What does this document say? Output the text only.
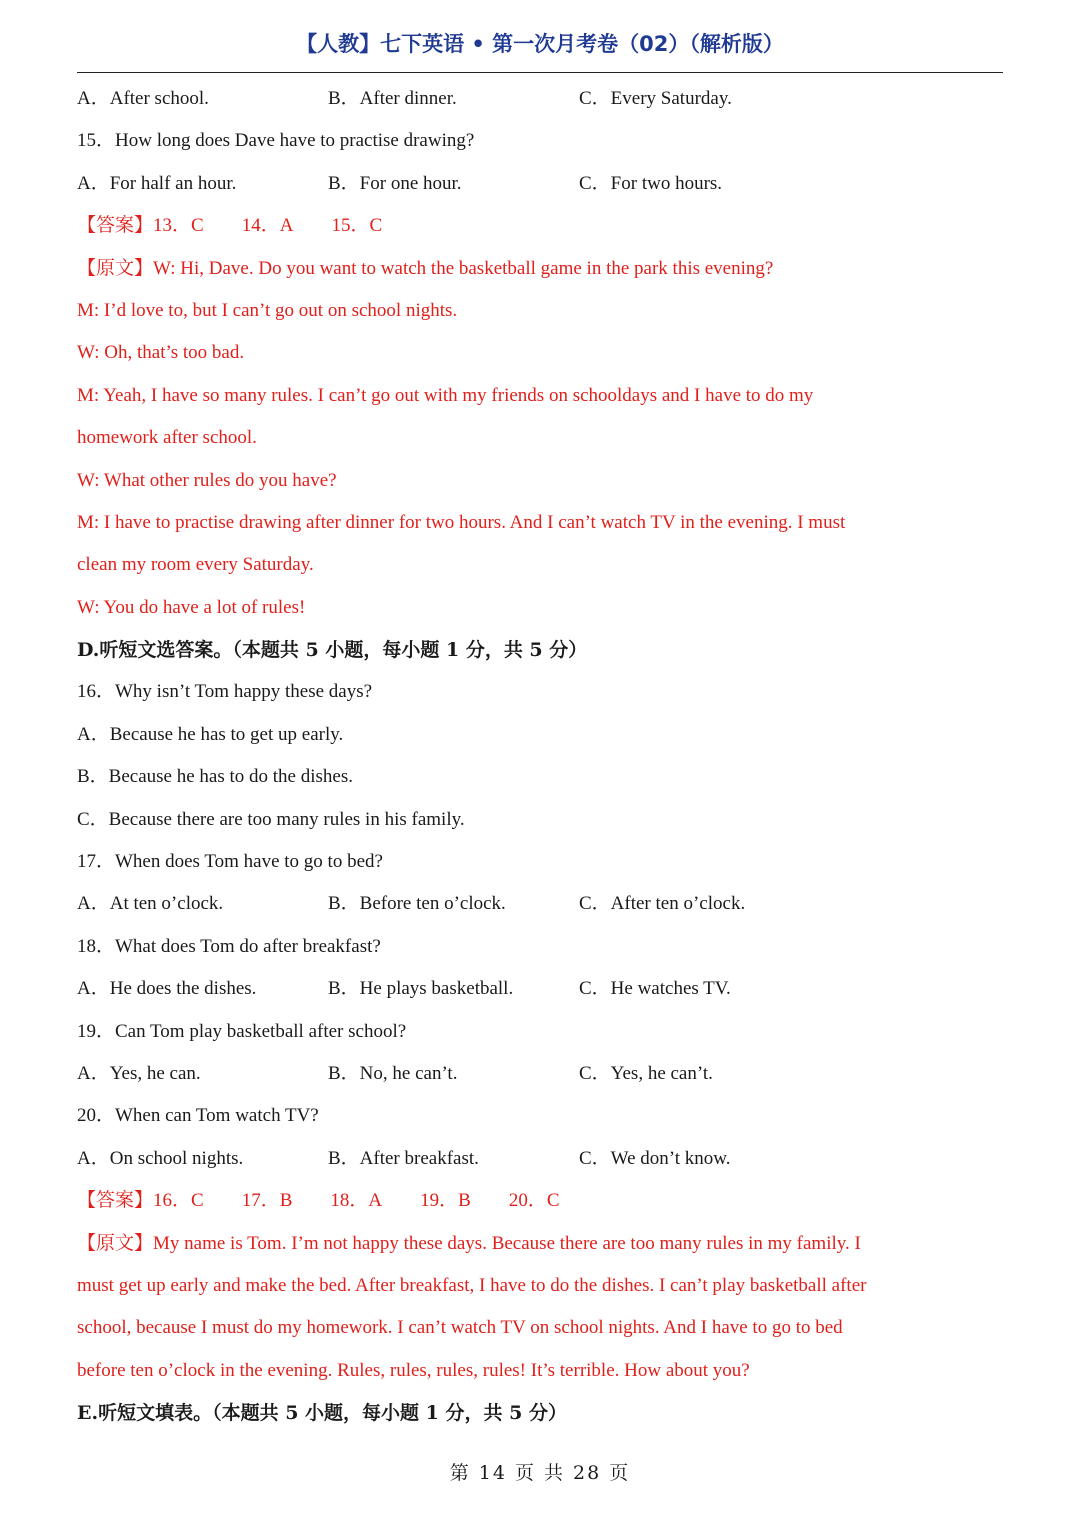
【人教】七下英语 • 第一次月考卷（02）（解析版）
A．After school.	B．After dinner.	C．Every Saturday.
15．How long does Dave have to practise drawing?
A．For half an hour.	B．For one hour.	C．For two hours.
【答案】13．C 14．A 15．C
【原文】W: Hi, Dave. Do you want to watch the basketball game in the park this evening?
M: I’d love to, but I can’t go out on school nights.
W: Oh, that’s too bad.
M: Yeah, I have so many rules. I can’t go out with my friends on schooldays and I have to do my
homework after school.
W: What other rules do you have?
M: I have to practise drawing after dinner for two hours. And I can’t watch TV in the evening. I must
clean my room every Saturday.
W: You do have a lot of rules!
D.听短文选答案。（本题共 5 小题，每小题 1 分，共 5 分）
16．Why isn’t Tom happy these days?
A．Because he has to get up early.
B．Because he has to do the dishes.
C．Because there are too many rules in his family.
17．When does Tom have to go to bed?
A．At ten o’clock.	B．Before ten o’clock.	C．After ten o’clock.
18．What does Tom do after breakfast?
A．He does the dishes.	B．He plays basketball.	C．He watches TV.
19．Can Tom play basketball after school?
A．Yes, he can.	B．No, he can’t.	C．Yes, he can’t.
20．When can Tom watch TV?
A．On school nights.	B．After breakfast.	C．We don’t know.
【答案】16．C 17．B 18．A 19．B 20．C
【原文】My name is Tom. I’m not happy these days. Because there are too many rules in my family. I
must get up early and make the bed. After breakfast, I have to do the dishes. I can’t play basketball after
school, because I must do my homework. I can’t watch TV on school nights. And I have to go to bed
before ten o’clock in the evening. Rules, rules, rules, rules! It’s terrible. How about you?
E.听短文填表。（本题共 5 小题，每小题 1 分，共 5 分）
第 14 页 共 28 页
